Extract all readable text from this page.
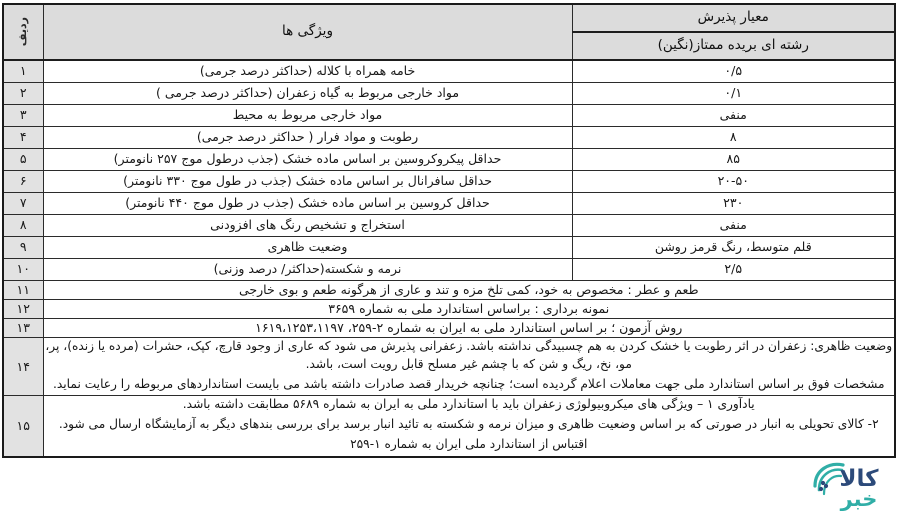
معیار پذیرش	ویژگی ها	ردیف

رشته ای بریده ممتاز(نگین)		
۰/۵	خامه همراه با کلاله (حداکثر درصد جرمی)	۱
۰/۱	مواد خارجی مربوط به گیاه زعفران (حداکثر درصد جرمی )	۲
منفی	مواد خارجی مربوط به محیط	۳
۸	رطوبت و مواد فرار ( حداکثر درصد جرمی)	۴
۸۵	حداقل پیکروکروسین بر اساس ماده خشک (جذب درطول موج ۲۵۷ نانومتر)	۵
۲۰-۵۰	حداقل سافرانال بر اساس ماده خشک (جذب در طول موج ۳۳۰ نانومتر)	۶
۲۳۰	حداقل کروسین بر اساس ماده خشک (جذب در طول موج ۴۴۰ نانومتر)	۷
منفی	استخراج و تشخیص رنگ های افزودنی	۸
قلم متوسط، رنگ قرمز روشن	وضعیت ظاهری	۹
۲/۵	نرمه و شکسته(حداکثر/ درصد وزنی)	۱۰
طعم و عطر : مخصوص به خود، کمی تلخ مزه و تند و عاری از هرگونه طعم و بوی خارجی		۱۱
نمونه برداری : براساس استاندارد ملی به شماره ۳۶۵۹		۱۲
روش آزمون ؛ بر اساس استاندارد ملی به ایران به شماره ۲-۲۵۹، ۱۶۱۹،۱۲۵۳،۱۱۹۷		۱۳

وضعیت ظاهری: زعفران در اثر رطوبت یا خشک کردن به هم چسبیدگی نداشته باشد. زعفرانی پذیرش می شود که عاری از وجود قارچ، کپک، حشرات (مرده یا زنده)، پر، مو، نخ، ریگ و شن که با چشم غیر مسلح قابل رویت است، باشد.

مشخصات فوق بر اساس استاندارد ملی جهت معاملات اعلام گردیده است؛ چنانچه خریدار قصد صادرات داشته باشد می بایست استانداردهای مربوطه را رعایت نماید.		۱۴

یادآوری ۱ – ویژگی های میکروبیولوژی زعفران باید با استاندارد ملی به ایران به شماره ۵۶۸۹ مطابقت داشته باشد.

۲- کالای تحویلی به انبار در صورتی که بر اساس وضعیت ظاهری و میزان نرمه و شکسته به تائید انبار برسد برای بررسی بندهای دیگر به آزمایشگاه ارسال می شود.

اقتباس از استاندارد ملی ایران به شماره ۱-۲۵۹		۱۵
کالا
خبر
